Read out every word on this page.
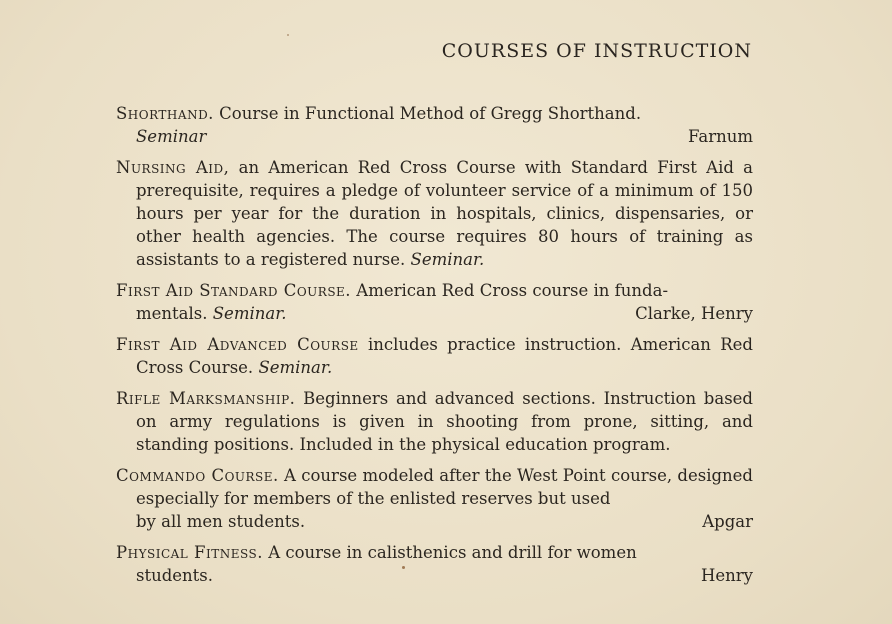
COURSES OF INSTRUCTION
Shorthand. Course in Functional Method of Gregg Shorthand.
Seminar	Farnum
Nursing Aid, an American Red Cross Course with Standard First Aid a prerequisite, requires a pledge of volunteer service of a minimum of 150 hours per year for the duration in hospitals, clinics, dispensaries, or other health agencies. The course requires 80 hours of training as assistants to a registered nurse. Seminar.
First Aid Standard Course. American Red Cross course in funda-
mentals. Seminar.	Clarke, Henry
First Aid Advanced Course includes practice instruction. American Red Cross Course. Seminar.
Rifle Marksmanship. Beginners and advanced sections. Instruction based on army regulations is given in shooting from prone, sitting, and standing positions. Included in the physical education program.
Commando Course. A course modeled after the West Point course, designed especially for members of the enlisted reserves but used
by all men students.	Apgar
Physical Fitness. A course in calisthenics and drill for women
students.	Henry
